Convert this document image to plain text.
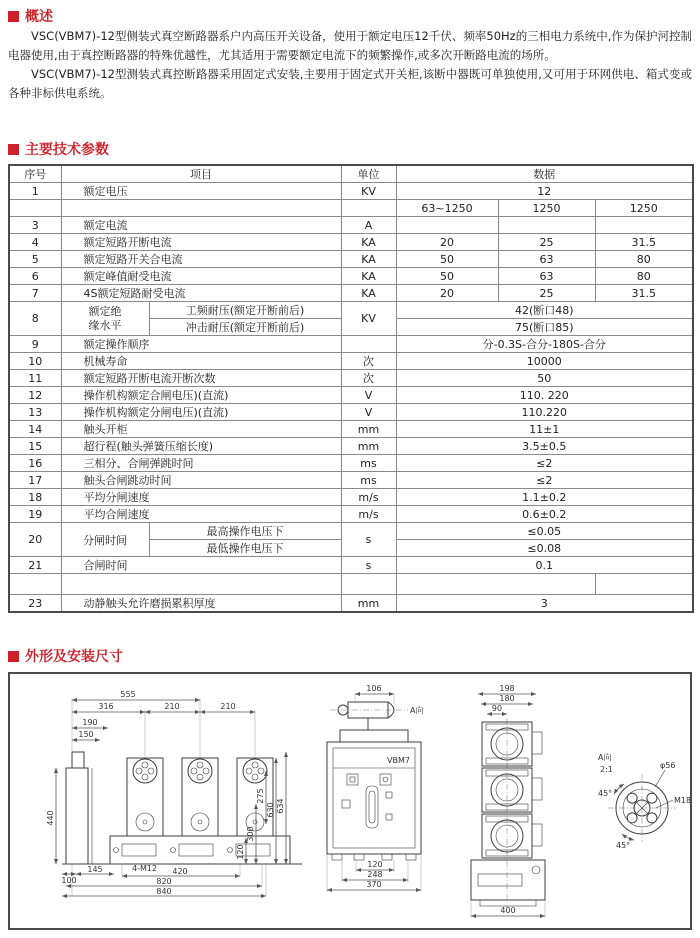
概述

VSC(VBM7)-12型侧装式真空断路器系户内高压开关设备，使用于额定电压12千伏、频率50Hz的三相电力系统中,作为保护河控制电器使用,由于真控断路器的特殊优越性，尤其适用于需要额定电流下的频繁操作,或多次开断路电流的场所。

VSC(VBM7)-12型测装式真控断路器采用固定式安装,主要用于固定式开关柜,该断中器既可单独使用,又可用于环网供电、箱式变或各种非标供电系统。

主要技术参数
序号	项目		单位	数据		
1	额定电压		KV	12		
				63~1250	1250	1250
3	额定电流		A			
4	额定短路开断电流		KA	20	25	31.5
5	额定短路开关合电流		KA	50	63	80
6	额定峰值耐受电流		KA	50	63	80
7	4S额定短路耐受电流		KA	20	25	31.5
8	额定绝缘水平	工频耐压(额定开断前后)	KV	42(断口48)		
		冲击耐压(额定开断前后)		75(断口85)		
9	额定操作顺序			分-0.3S-合分-180S-合分		
10	机械寿命		次	10000		
11	额定短路开断电流开断次数		次	50		
12	操作机构额定合闸电压)(直流)		V	110. 220		
13	操作机构额定分闸电压)(直流)		V	110.220		
14	触头开柜		mm	11±1		
15	超行程(触头弹簧压缩长度)		mm	3.5±0.5		
16	三相分、合闸弹跳时间		ms	≤2		
17	触头合闸跳动时间		ms	≤2		
18	平均分闸速度		m/s	1.1±0.2		
19	平均合闸速度		m/s	0.6±0.2		
20	分闸时间	最高操作电压下	s	≤0.05		
		最低操作电压下		≤0.08		
21	合闸时间		s	0.1		

23	动静触头允许磨损累积厚度		mm	3		
外形及安装尺寸
555
316	210	210
190
150
440
275
630 634
300
120
100
145	4-M12 420
820
840
A向
106
VBM7
120
248
370
198
180
90
400
A向
2:1	φ56
M18
45°
45°
